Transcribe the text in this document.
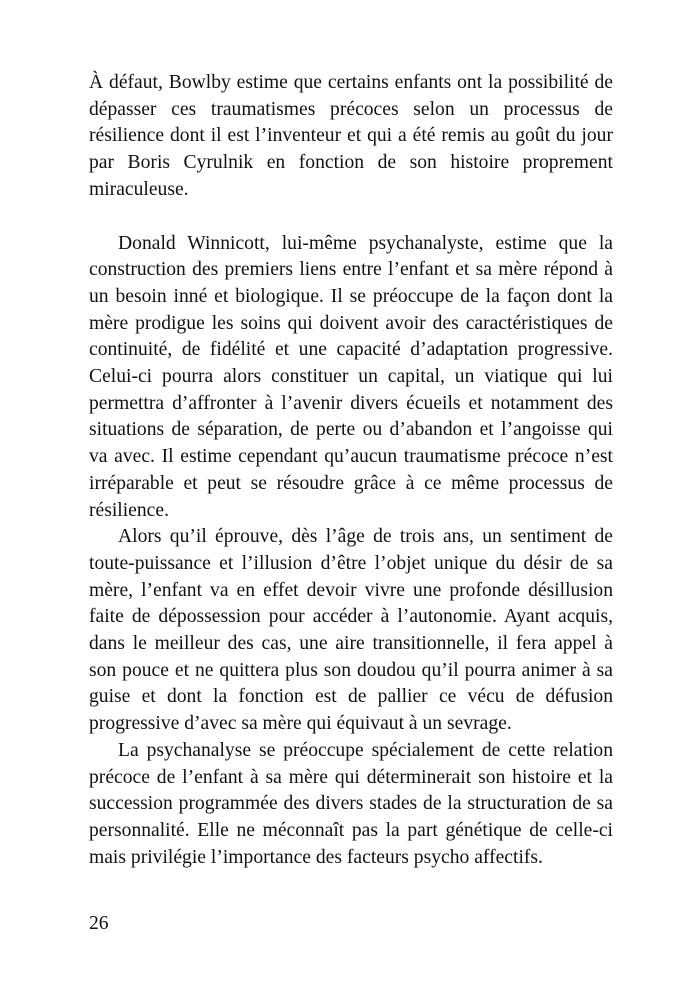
À défaut, Bowlby estime que certains enfants ont la possibilité de dépasser ces traumatismes précoces selon un processus de résilience dont il est l’inventeur et qui a été remis au goût du jour par Boris Cyrulnik en fonction de son histoire proprement miraculeuse.

Donald Winnicott, lui-même psychanalyste, estime que la construction des premiers liens entre l’enfant et sa mère répond à un besoin inné et biologique. Il se préoccupe de la façon dont la mère prodigue les soins qui doivent avoir des caractéristiques de continuité, de fidélité et une capacité d’adaptation progressive. Celui-ci pourra alors constituer un capital, un viatique qui lui permettra d’affronter à l’avenir divers écueils et notamment des situations de séparation, de perte ou d’abandon et l’angoisse qui va avec. Il estime cependant qu’aucun traumatisme précoce n’est irréparable et peut se résoudre grâce à ce même processus de résilience.

Alors qu’il éprouve, dès l’âge de trois ans, un sentiment de toute-puissance et l’illusion d’être l’objet unique du désir de sa mère, l’enfant va en effet devoir vivre une profonde désillusion faite de dépossession pour accéder à l’autonomie. Ayant acquis, dans le meilleur des cas, une aire transitionnelle, il fera appel à son pouce et ne quittera plus son doudou qu’il pourra animer à sa guise et dont la fonction est de pallier ce vécu de défusion progressive d’avec sa mère qui équivaut à un sevrage.

La psychanalyse se préoccupe spécialement de cette relation précoce de l’enfant à sa mère qui déterminerait son histoire et la succession programmée des divers stades de la structuration de sa personnalité. Elle ne méconnaît pas la part génétique de celle-ci mais privilégie l’importance des facteurs psycho affectifs.

26
